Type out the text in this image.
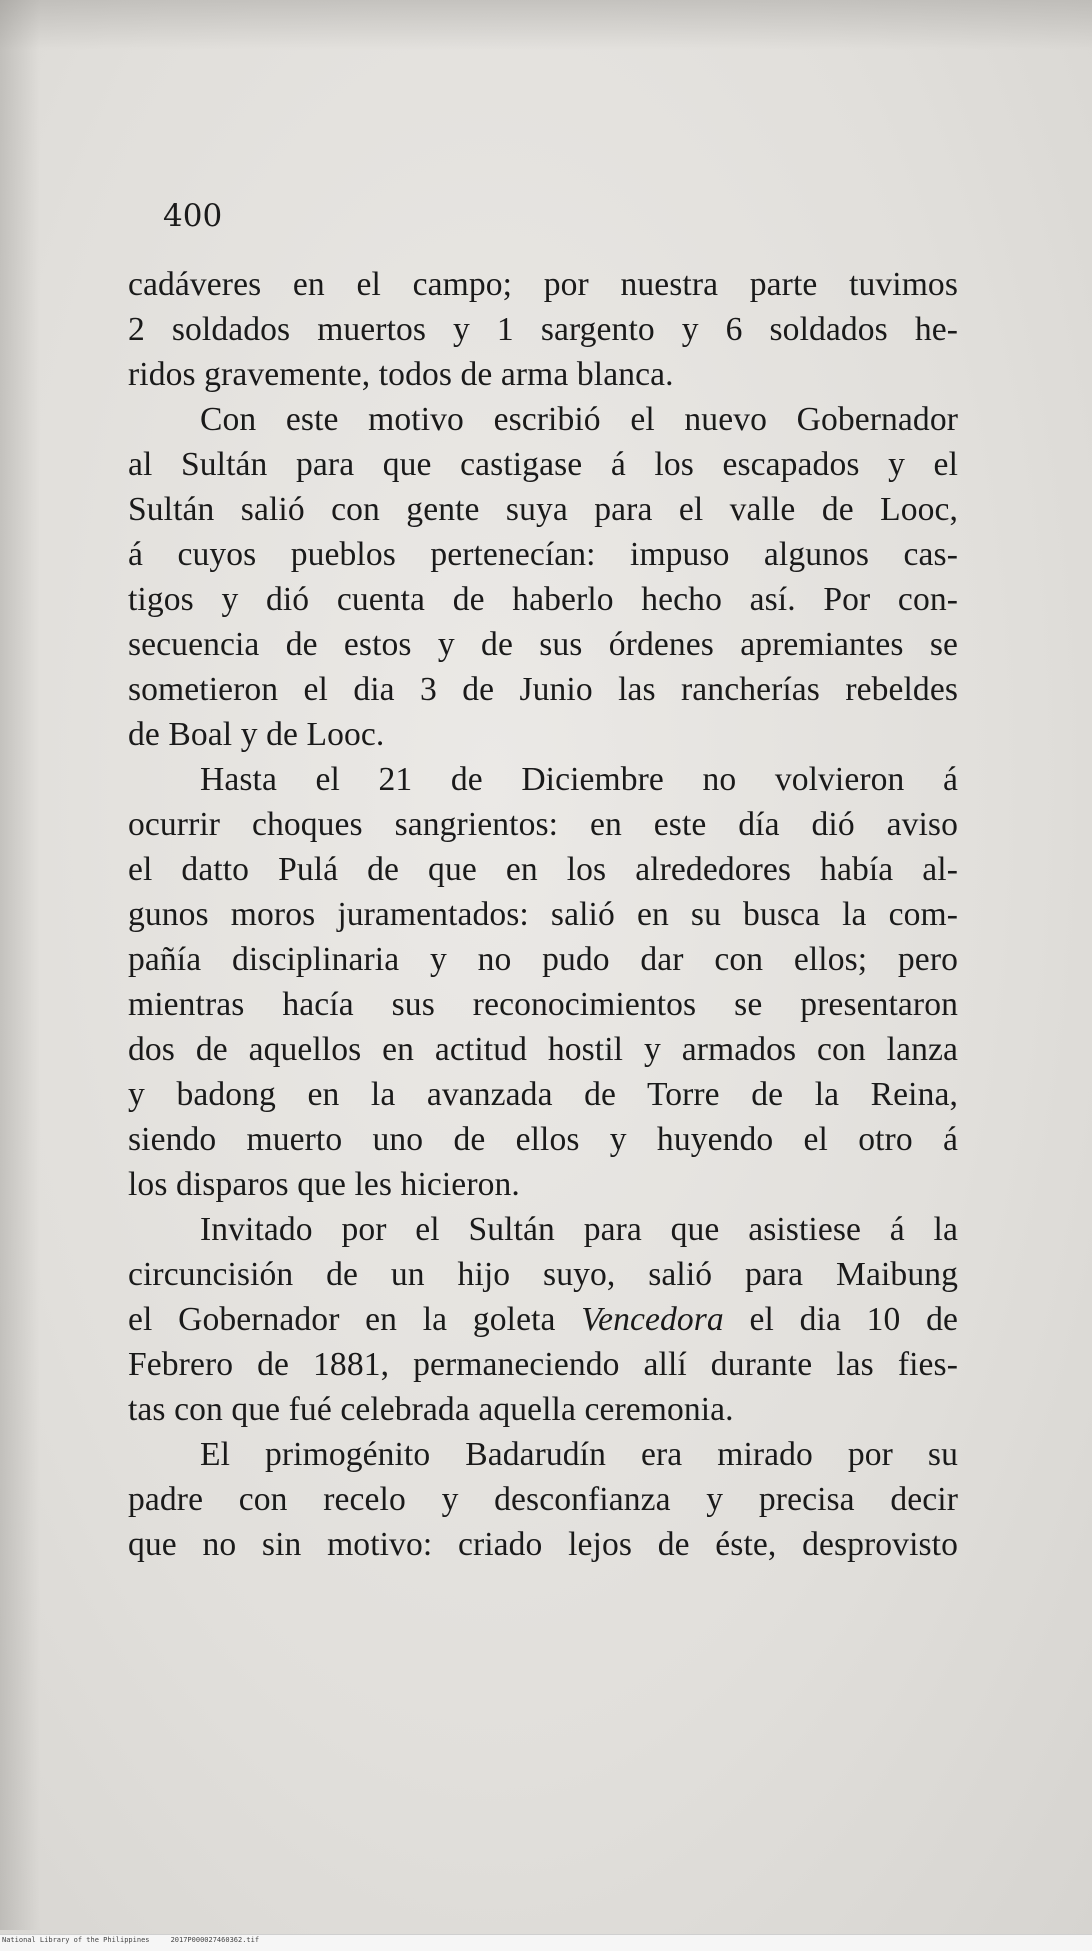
400

cadáveres en el campo; por nuestra parte tuvimos
2 soldados muertos y 1 sargento y 6 soldados he-
ridos gravemente, todos de arma blanca.
Con este motivo escribió el nuevo Gobernador
al Sultán para que castigase á los escapados y el
Sultán salió con gente suya para el valle de Looc,
á cuyos pueblos pertenecían: impuso algunos cas-
tigos y dió cuenta de haberlo hecho así. Por con-
secuencia de estos y de sus órdenes apremiantes se
sometieron el dia 3 de Junio las rancherías rebeldes
de Boal y de Looc.
Hasta el 21 de Diciembre no volvieron á
ocurrir choques sangrientos: en este día dió aviso
el datto Pulá de que en los alrededores había al-
gunos moros juramentados: salió en su busca la com-
pañía disciplinaria y no pudo dar con ellos; pero
mientras hacía sus reconocimientos se presentaron
dos de aquellos en actitud hostil y armados con lanza
y badong en la avanzada de Torre de la Reina,
siendo muerto uno de ellos y huyendo el otro á
los disparos que les hicieron.
Invitado por el Sultán para que asistiese á la
circuncisión de un hijo suyo, salió para Maibung
el Gobernador en la goleta Vencedora el dia 10 de
Febrero de 1881, permaneciendo allí durante las fies-
tas con que fué celebrada aquella ceremonia.
El primogénito Badarudín era mirado por su
padre con recelo y desconfianza y precisa decir
que no sin motivo: criado lejos de éste, desprovisto
National Library of the Philippines     2017P000027460362.tif
